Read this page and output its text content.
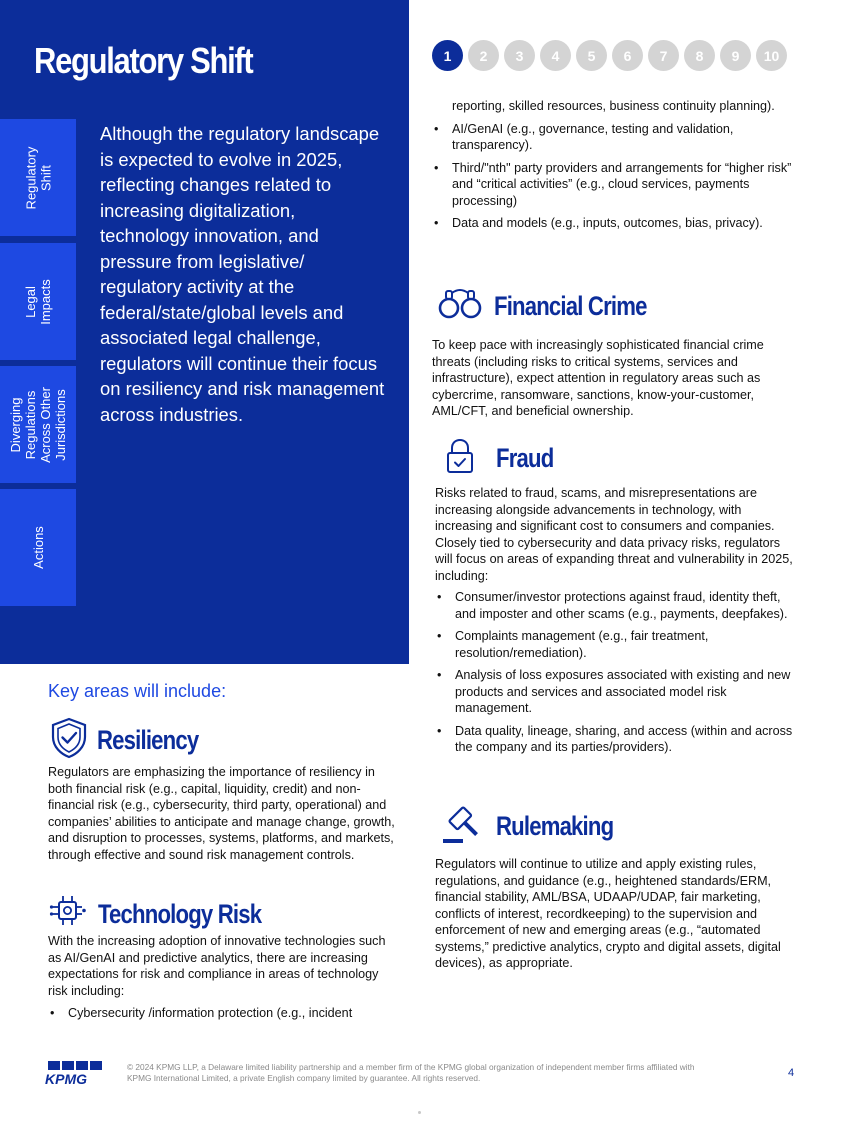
Regulatory Shift
Regulatory
Shift
Legal
Impacts
Diverging
Regulations
Across Other
Jurisdictions
Actions

Although the regulatory landscape is expected to evolve in 2025, reflecting changes related to increasing digitalization, technology innovation, and pressure from legislative/ regulatory activity at the federal/state/global levels and associated legal challenge, regulators will continue their focus on resiliency and risk management across industries.

1	2	3	4	5	6	7	8	9	10
Key areas will include:
Resiliency

Regulators are emphasizing the importance of resiliency in both financial risk (e.g., capital, liquidity, credit) and non-financial risk (e.g., cybersecurity, third party, operational) and companies’ abilities to anticipate and manage change, growth, and disruption to processes, systems, platforms, and markets, through effective and sound risk management controls.

Technology Risk

With the increasing adoption of innovative technologies such as AI/GenAI and predictive analytics, there are increasing expectations for risk and compliance in areas of technology risk including:

• Cybersecurity /information protection (e.g., incident

reporting, skilled resources, business continuity planning).

• AI/GenAI (e.g., governance, testing and validation, transparency).
• Third/"nth" party providers and arrangements for “higher risk” and “critical activities” (e.g., cloud services, payments processing)
• Data and models (e.g., inputs, outcomes, bias, privacy).
Financial Crime

To keep pace with increasingly sophisticated financial crime threats (including risks to critical systems, services and infrastructure), expect attention in regulatory areas such as cybercrime, ransomware, sanctions, know-your-customer, AML/CFT, and beneficial ownership.

Fraud

Risks related to fraud, scams, and misrepresentations are increasing alongside advancements in technology, with increasing and significant cost to consumers and companies. Closely tied to cybersecurity and data privacy risks, regulators will focus on areas of expanding threat and vulnerability in 2025, including:

• Consumer/investor protections against fraud, identity theft, and imposter and other scams (e.g., payments, deepfakes).
• Complaints management (e.g., fair treatment, resolution/remediation).
• Analysis of loss exposures associated with existing and new products and services and associated model risk management.
• Data quality, lineage, sharing, and access (within and across the company and its parties/providers).
Rulemaking

Regulators will continue to utilize and apply existing rules, regulations, and guidance (e.g., heightened standards/ERM, financial stability, AML/BSA, UDAAP/UDAP, fair marketing, conflicts of interest, recordkeeping) to the supervision and enforcement of new and emerging areas (e.g., “automated systems,” predictive analytics, crypto and digital assets, digital devices), as appropriate.

KPMG

© 2024 KPMG LLP, a Delaware limited liability partnership and a member firm of the KPMG global organization of independent member firms affiliated with KPMG International Limited, a private English company limited by guarantee. All rights reserved.	4
